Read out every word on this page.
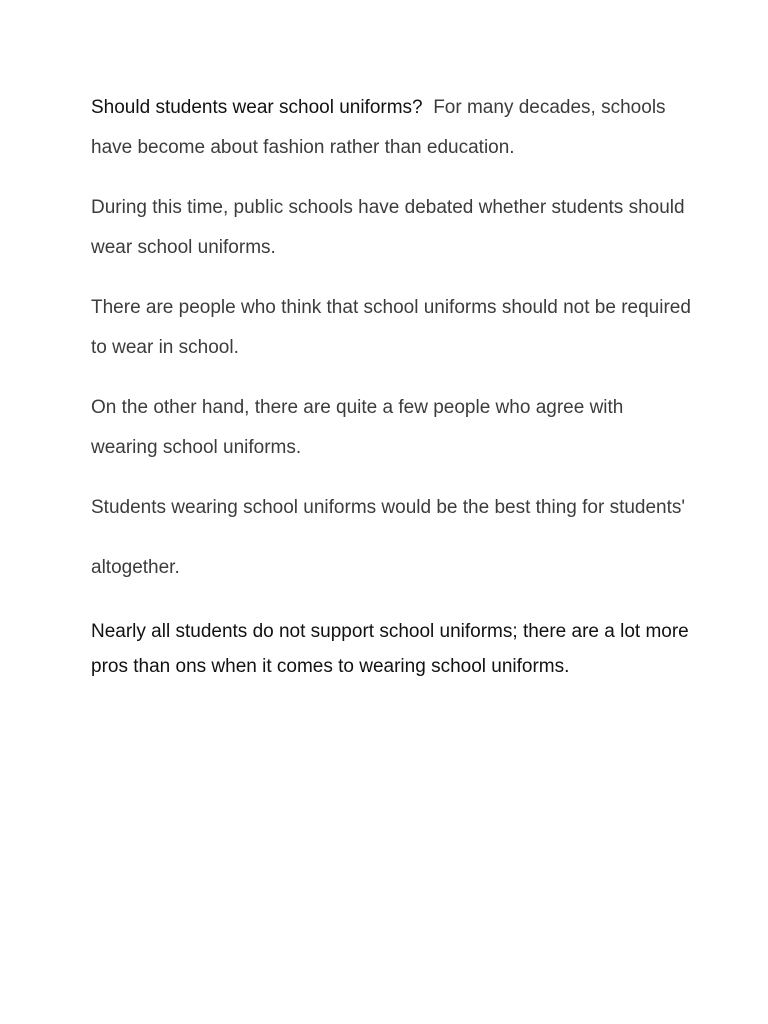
Should students wear school uniforms? For many decades, schools have become about fashion rather than education.

During this time, public schools have debated whether students should wear school uniforms.

There are people who think that school uniforms should not be required to wear in school.

On the other hand, there are quite a few people who agree with wearing school uniforms.

Students wearing school uniforms would be the best thing for students'

altogether.

Nearly all students do not support school uniforms; there are a lot more pros than ons when it comes to wearing school uniforms.
